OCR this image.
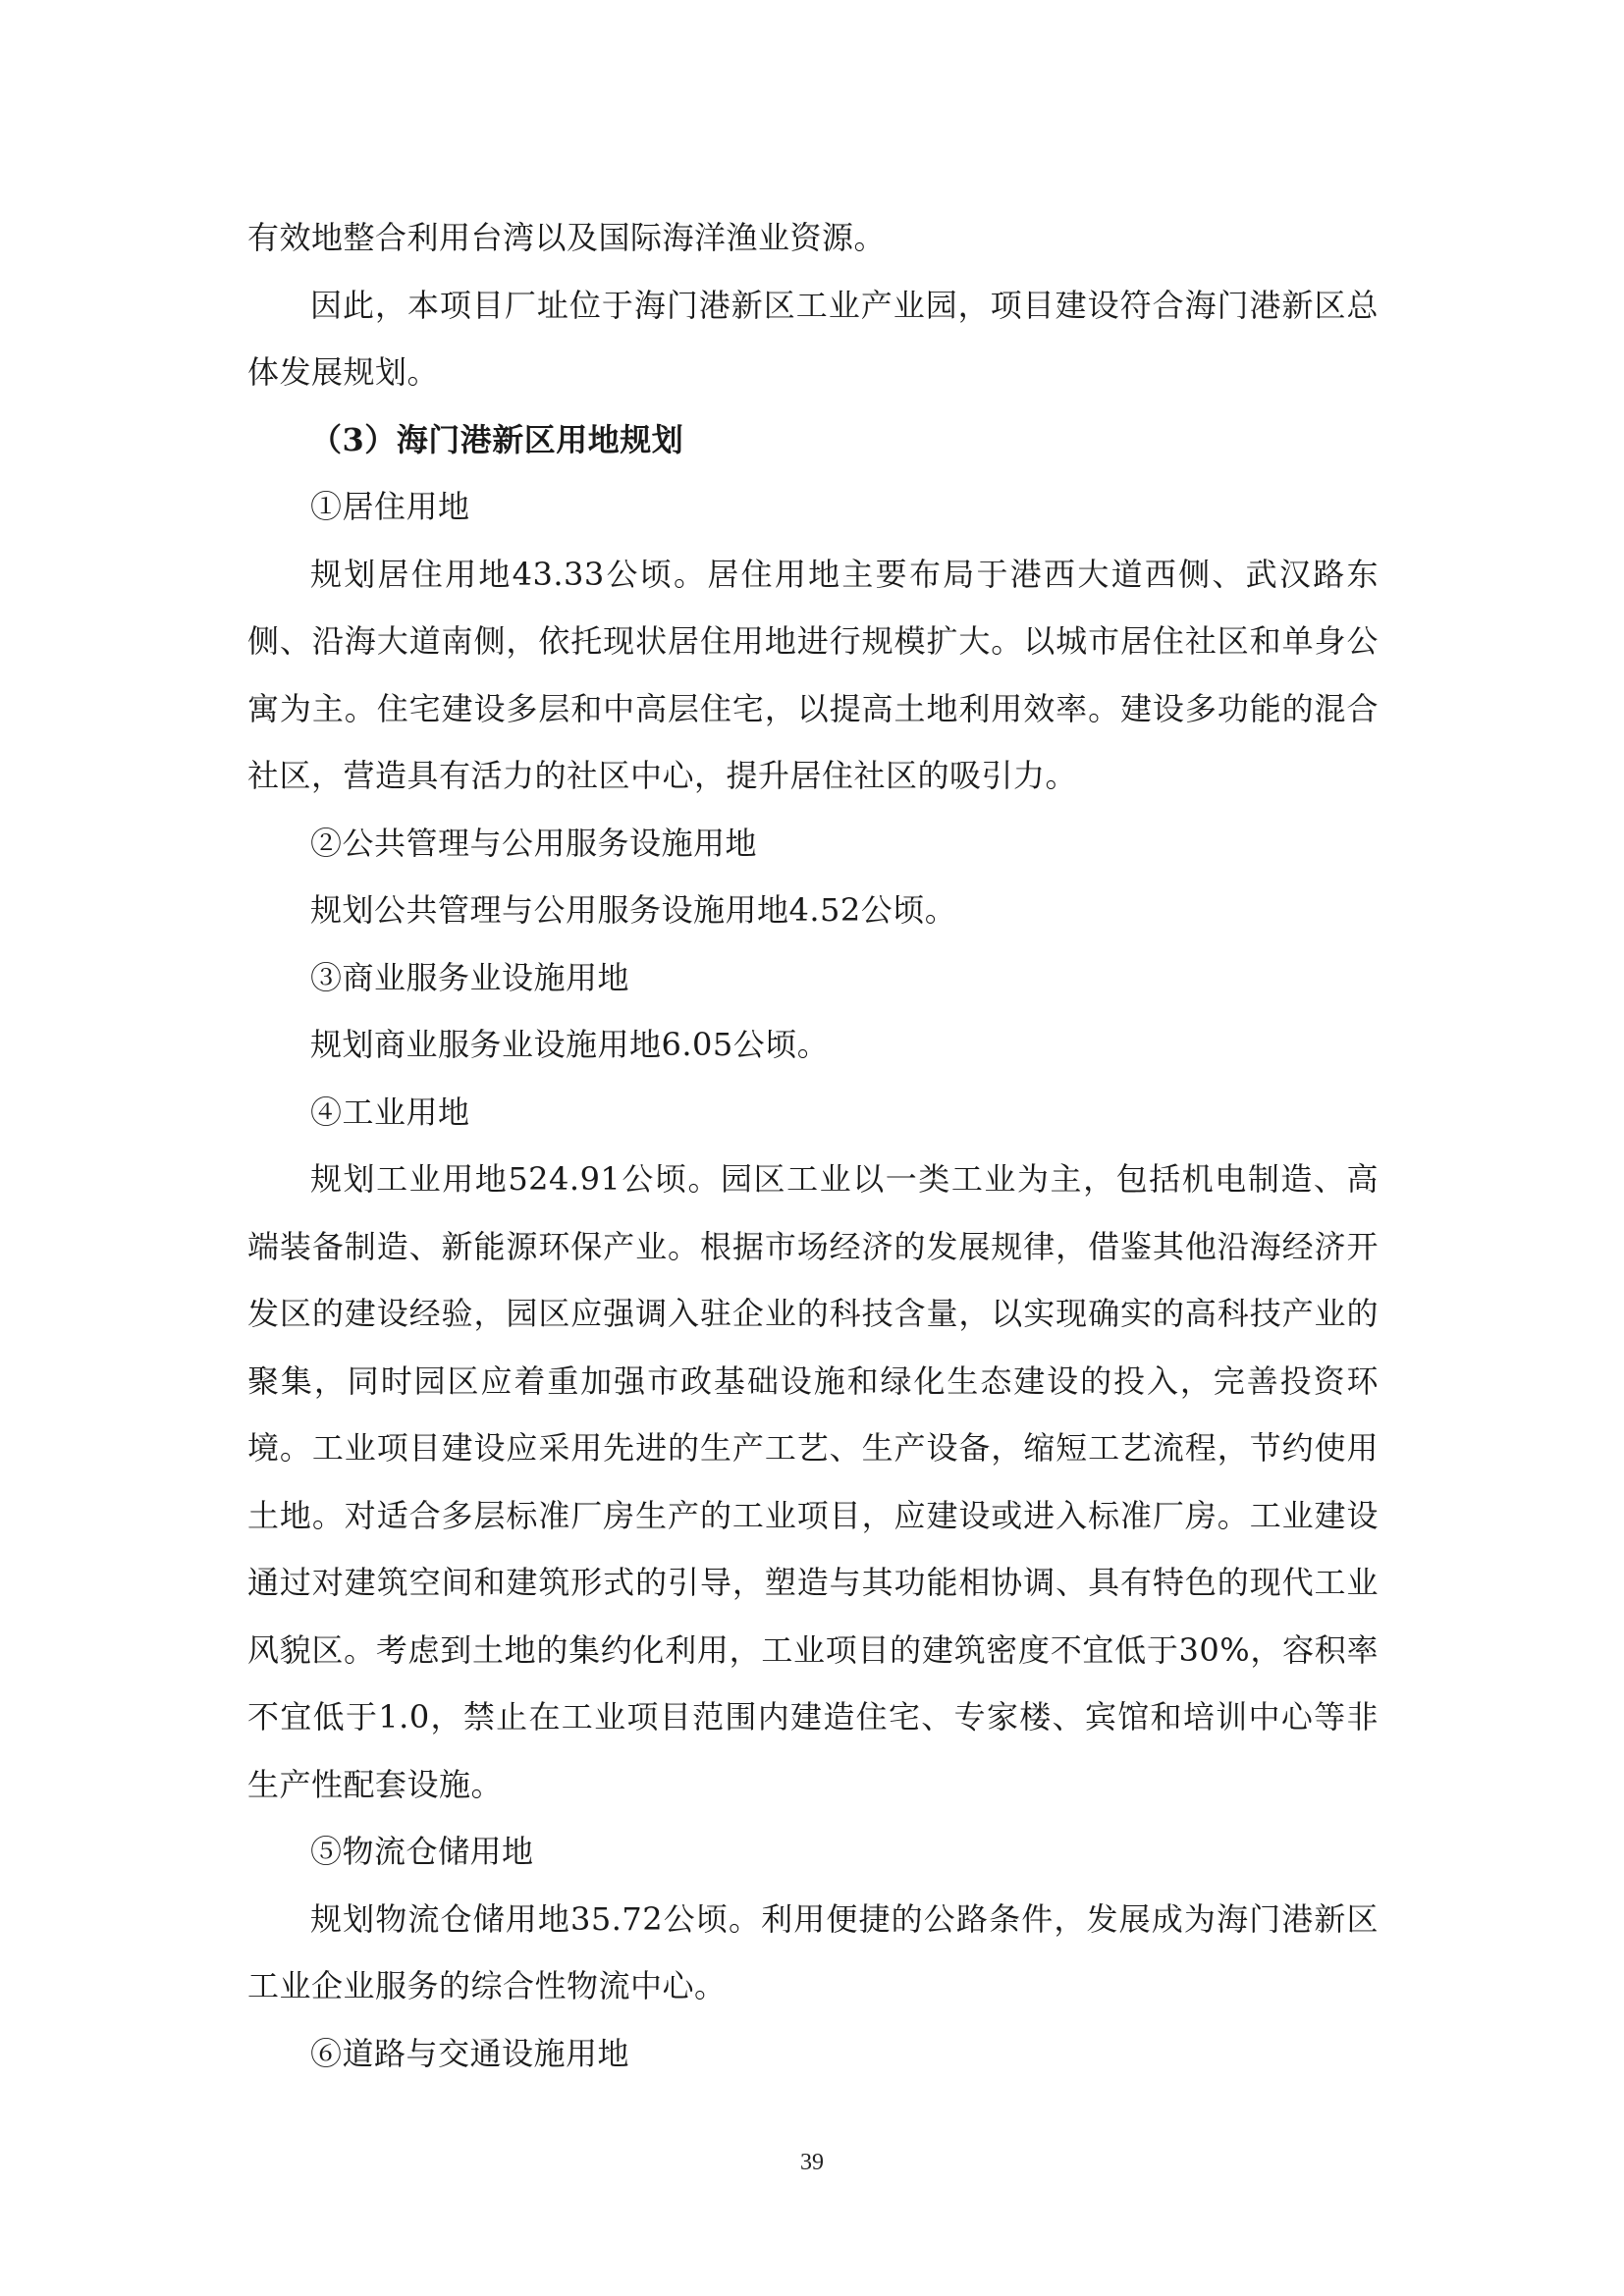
有效地整合利用台湾以及国际海洋渔业资源。

因此，本项目厂址位于海门港新区工业产业园，项目建设符合海门港新区总体发展规划。

（3）海门港新区用地规划

①居住用地

规划居住用地43.33公顷。居住用地主要布局于港西大道西侧、武汉路东侧、沿海大道南侧，依托现状居住用地进行规模扩大。以城市居住社区和单身公寓为主。住宅建设多层和中高层住宅，以提高土地利用效率。建设多功能的混合社区，营造具有活力的社区中心，提升居住社区的吸引力。

②公共管理与公用服务设施用地

规划公共管理与公用服务设施用地4.52公顷。

③商业服务业设施用地

规划商业服务业设施用地6.05公顷。

④工业用地

规划工业用地524.91公顷。园区工业以一类工业为主，包括机电制造、高端装备制造、新能源环保产业。根据市场经济的发展规律，借鉴其他沿海经济开发区的建设经验，园区应强调入驻企业的科技含量，以实现确实的高科技产业的聚集，同时园区应着重加强市政基础设施和绿化生态建设的投入，完善投资环境。工业项目建设应采用先进的生产工艺、生产设备，缩短工艺流程，节约使用土地。对适合多层标准厂房生产的工业项目，应建设或进入标准厂房。工业建设通过对建筑空间和建筑形式的引导，塑造与其功能相协调、具有特色的现代工业风貌区。考虑到土地的集约化利用，工业项目的建筑密度不宜低于30%，容积率不宜低于1.0，禁止在工业项目范围内建造住宅、专家楼、宾馆和培训中心等非生产性配套设施。

⑤物流仓储用地

规划物流仓储用地35.72公顷。利用便捷的公路条件，发展成为海门港新区工业企业服务的综合性物流中心。

⑥道路与交通设施用地

39
